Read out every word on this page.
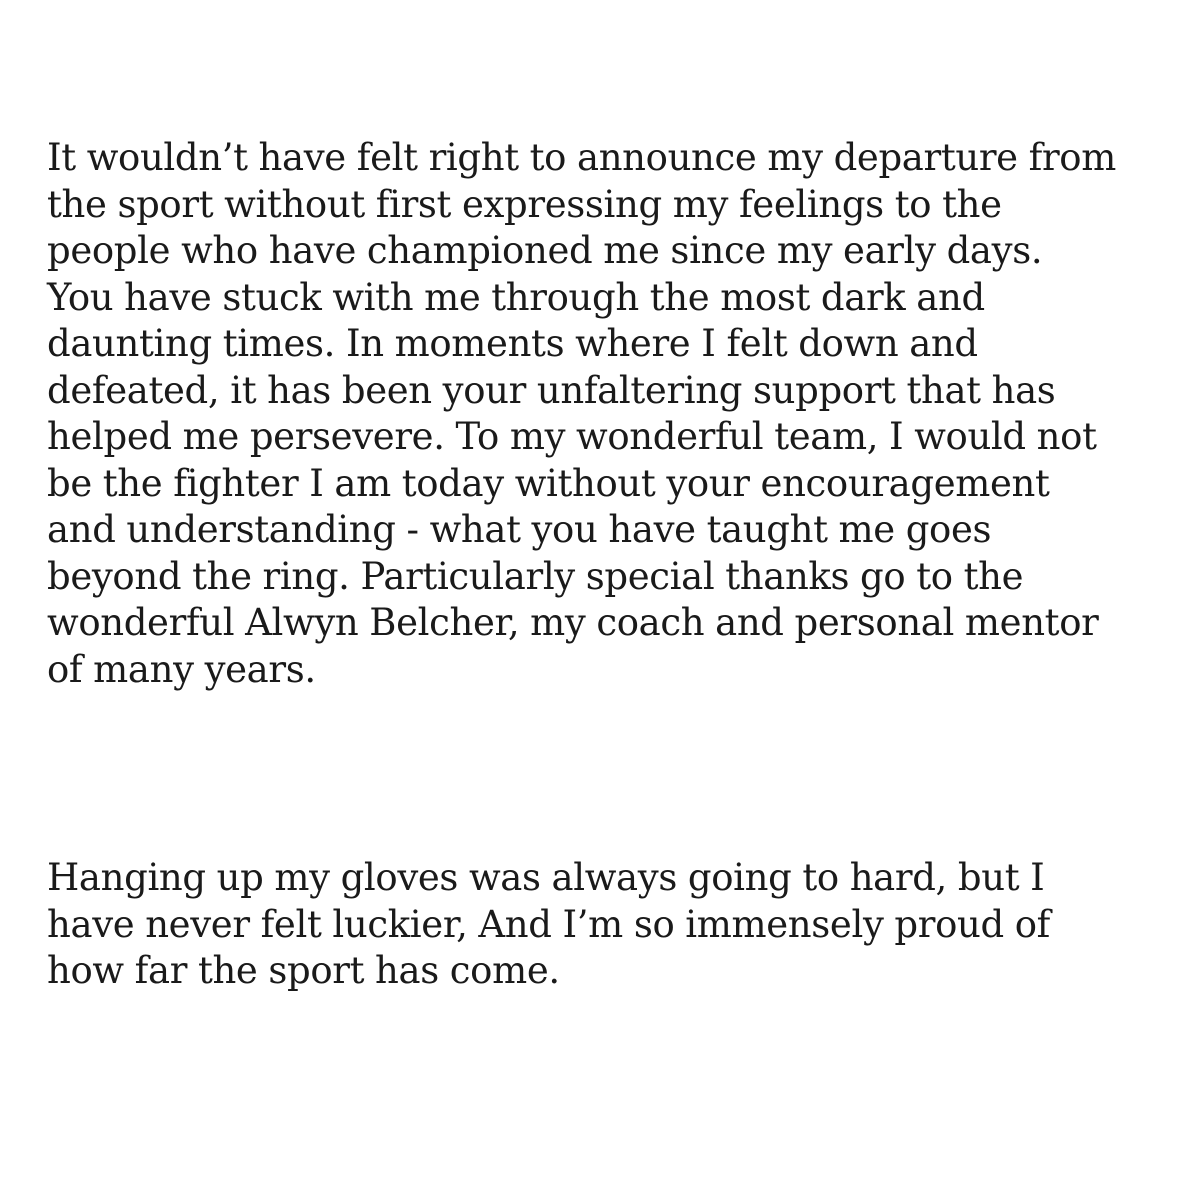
It wouldn’t have felt right to announce my departure from
the sport without first expressing my feelings to the
people who have championed me since my early days.
You have stuck with me through the most dark and
daunting times. In moments where I felt down and
defeated, it has been your unfaltering support that has
helped me persevere. To my wonderful team, I would not
be the fighter I am today without your encouragement
and understanding - what you have taught me goes
beyond the ring. Particularly special thanks go to the
wonderful Alwyn Belcher, my coach and personal mentor
of many years.

Hanging up my gloves was always going to hard, but I
have never felt luckier, And I’m so immensely proud of
how far the sport has come.
